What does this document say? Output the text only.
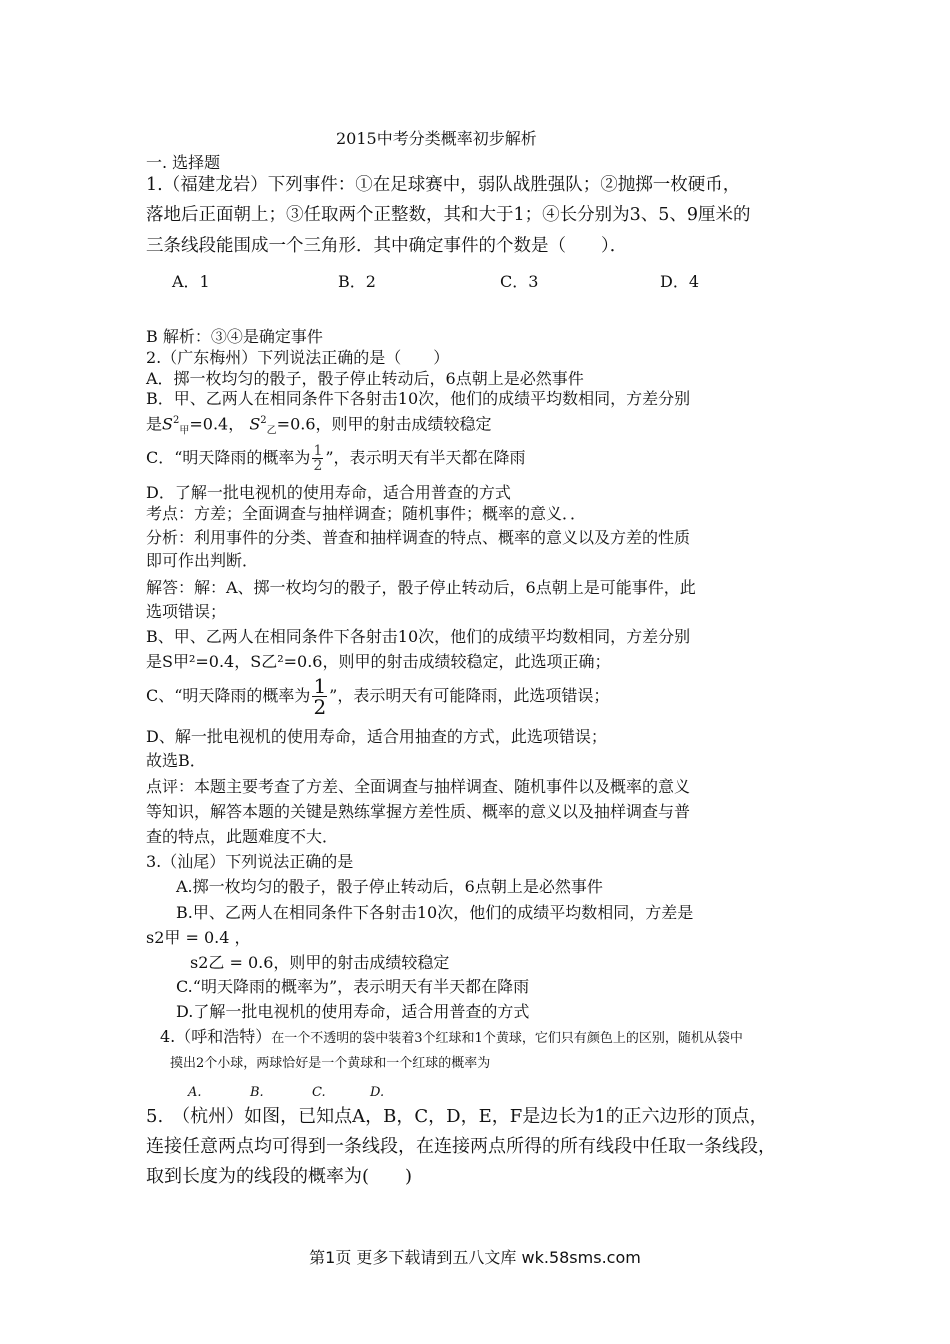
2015中考分类概率初步解析
一. 选择题
1.（福建龙岩）下列事件：①在足球赛中，弱队战胜强队；②抛掷一枚硬币，
落地后正面朝上；③任取两个正整数，其和大于1；④长分别为3、5、9厘米的
三条线段能围成一个三角形．其中确定事件的个数是（　　）．
A．1	B．2	C．3	D．4
B 解析：③④是确定事件
2.（广东梅州）下列说法正确的是（　　）
A．掷一枚均匀的骰子，骰子停止转动后，6点朝上是必然事件
B．甲、乙两人在相同条件下各射击10次，他们的成绩平均数相同，方差分别
是$S^2_甲=0.4$， $S^2_乙=0.6$，则甲的射击成绩较稳定
C．“明天降雨的概率为 $\frac{1}{2}$ ”，表示明天有半天都在降雨
D．了解一批电视机的使用寿命，适合用普查的方式
考点：方差；全面调查与抽样调查；随机事件；概率的意义．．
分析：利用事件的分类、普查和抽样调查的特点、概率的意义以及方差的性质
即可作出判断．
解答：解：A、掷一枚均匀的骰子，骰子停止转动后，6点朝上是可能事件，此
选项错误；
B、甲、乙两人在相同条件下各射击10次，他们的成绩平均数相同，方差分别
是S甲²=0.4，S乙²=0.6，则甲的射击成绩较稳定，此选项正确；
C、“明天降雨的概率为 $\frac{1}{2}$ ”，表示明天有可能降雨，此选项错误；
D、解一批电视机的使用寿命，适合用抽查的方式，此选项错误；
故选B．
点评：本题主要考查了方差、全面调查与抽样调查、随机事件以及概率的意义
等知识，解答本题的关键是熟练掌握方差性质、概率的意义以及抽样调查与普
查的特点，此题难度不大．
3.（汕尾）下列说法正确的是
A.掷一枚均匀的骰子，骰子停止转动后，6点朝上是必然事件
B.甲、乙两人在相同条件下各射击10次，他们的成绩平均数相同，方差是
s2甲 = 0.4 ，
s2乙 = 0.6，则甲的射击成绩较稳定
C.“明天降雨的概率为”，表示明天有半天都在降雨
D.了解一批电视机的使用寿命，适合用普查的方式
4.（呼和浩特）在一个不透明的袋中装着3个红球和1个黄球，它们只有颜色上的区别，随机从袋中
摸出2个小球，两球恰好是一个黄球和一个红球的概率为
A.	B.	C.	D.
5.　（杭州）如图，已知点A，B，C，D，E，F是边长为1的正六边形的顶点，
连接任意两点均可得到一条线段，在连接两点所得的所有线段中任取一条线段，
取到长度为的线段的概率为(　　)
第1页 更多下载请到五八文库 wk.58sms.com
